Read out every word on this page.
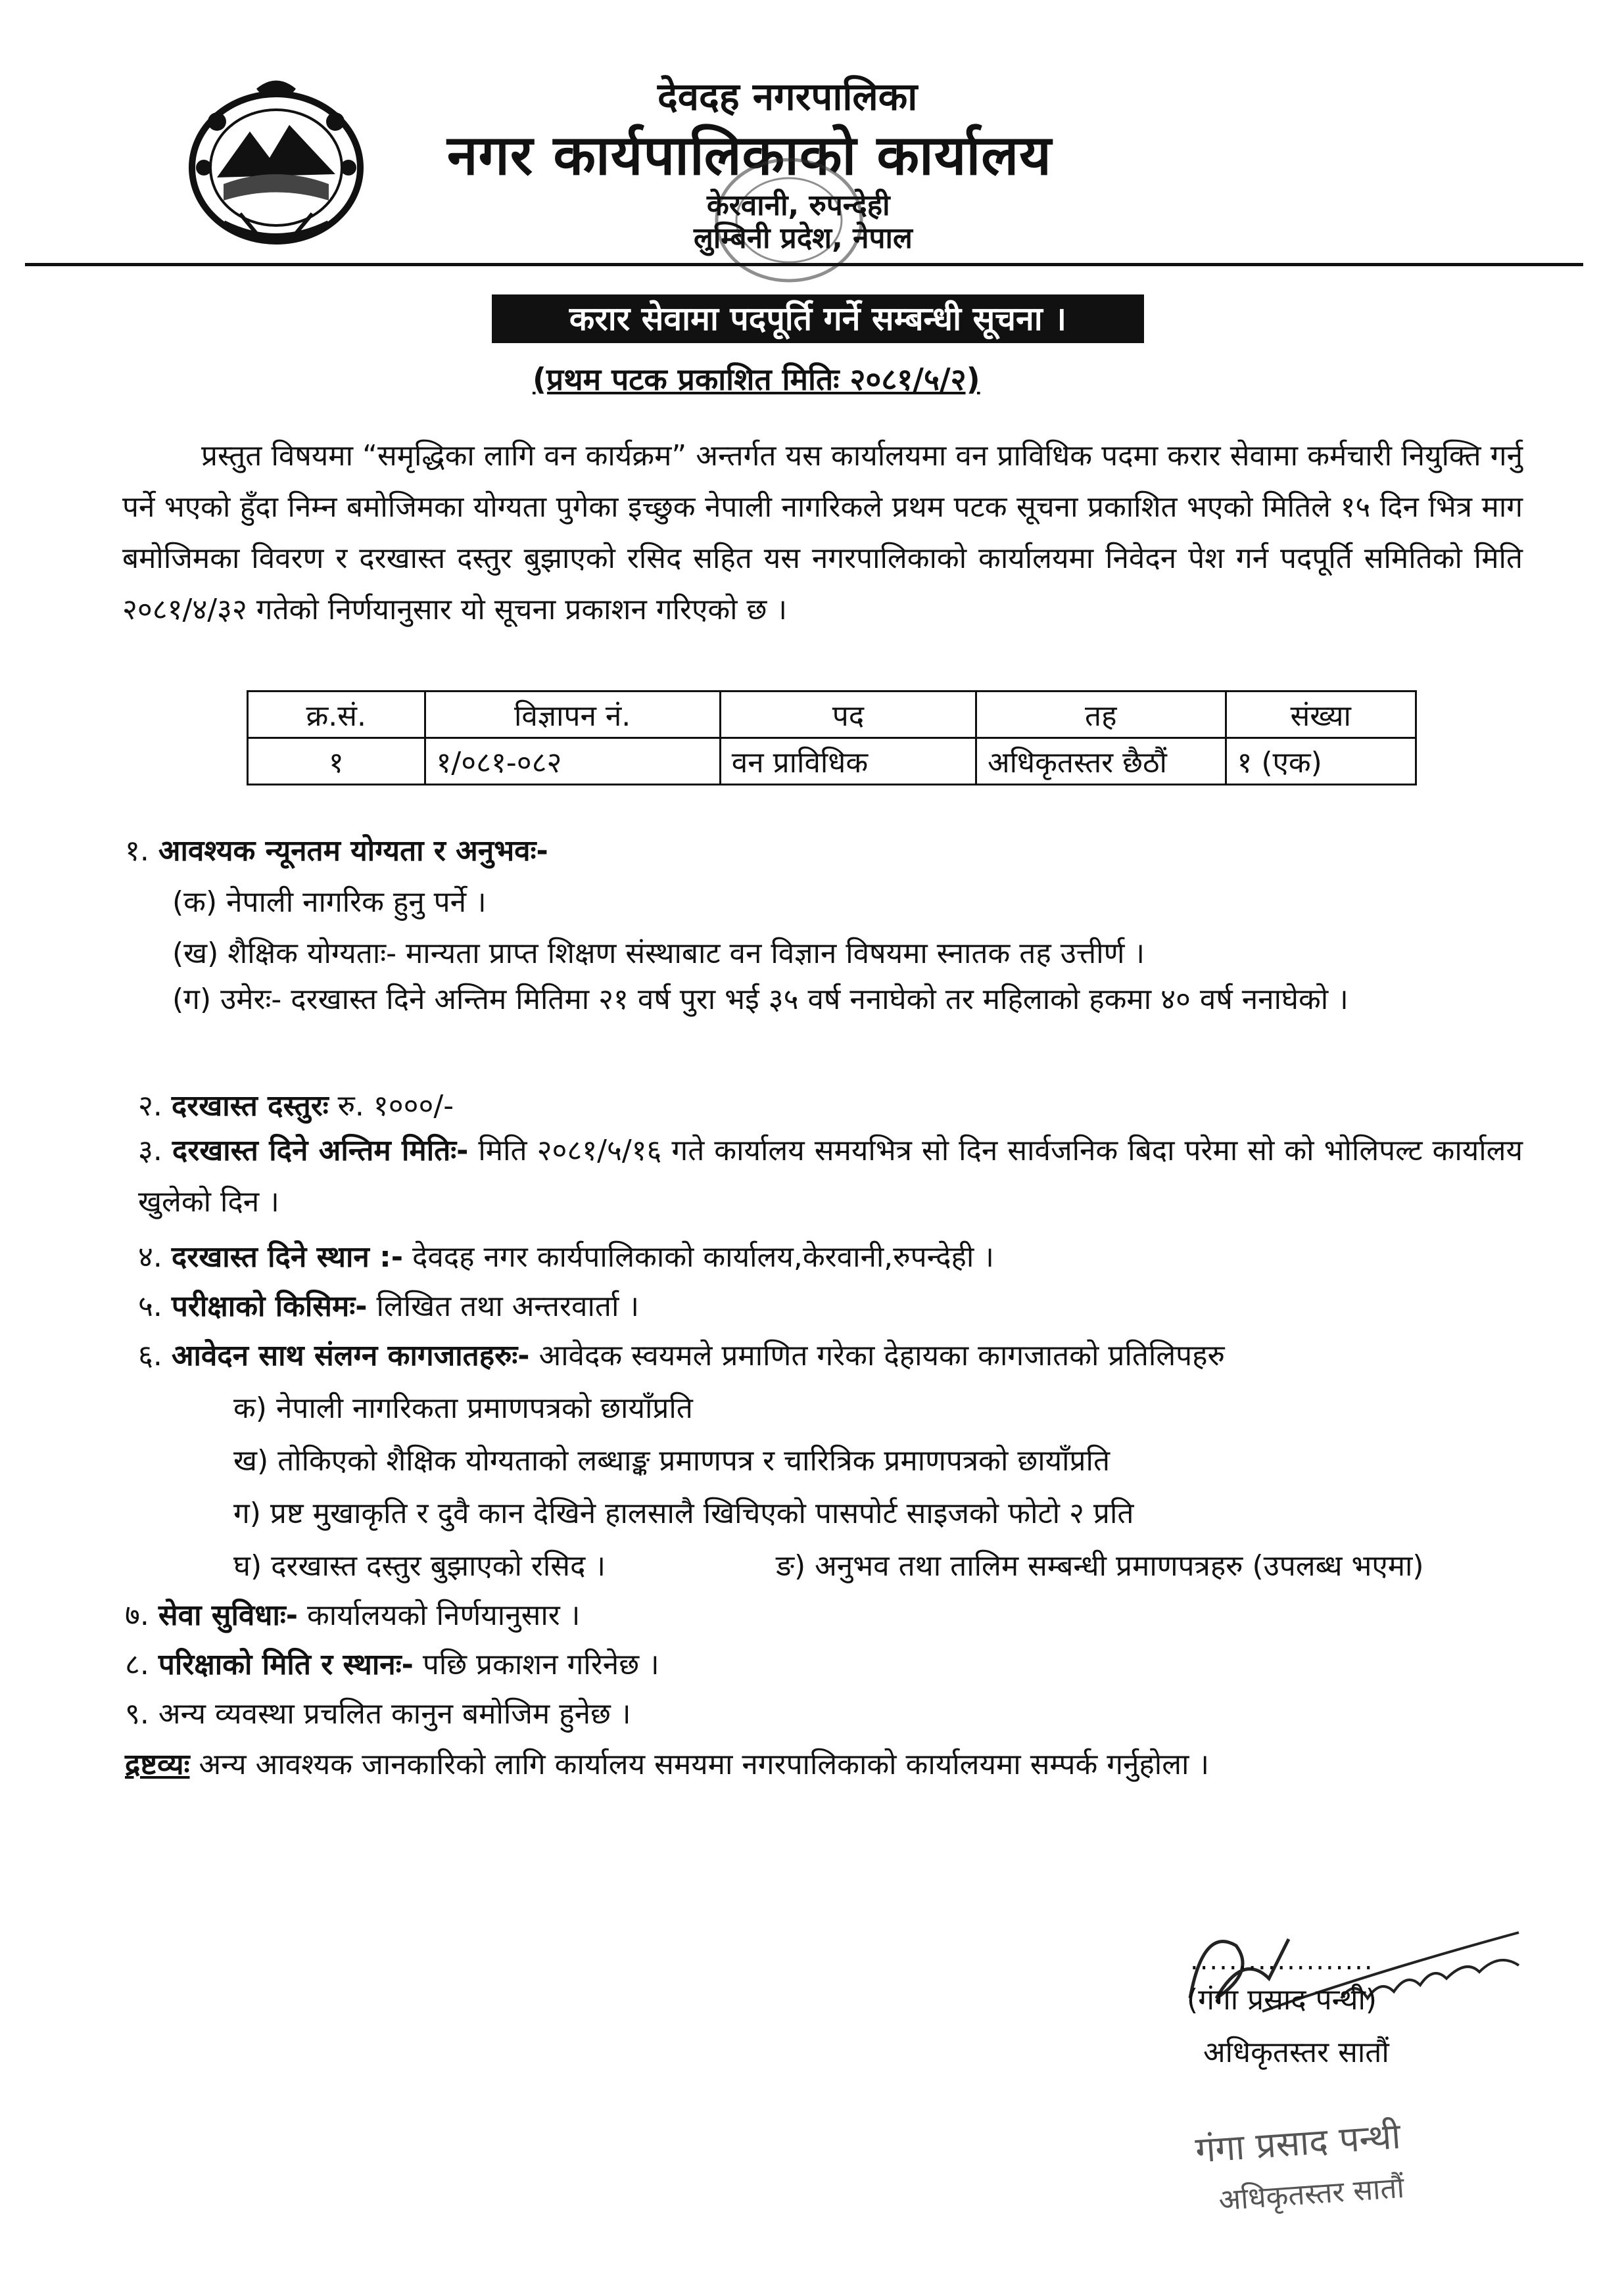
देवदह नगरपालिका
नगर कार्यपालिकाको कार्यालय
केरवानी, रुपन्देही
लुम्बिनी प्रदेश, नेपाल
करार सेवामा पदपूर्ति गर्ने सम्बन्धी सूचना ।
(प्रथम पटक प्रकाशित मितिः २०८१/५/२)
प्रस्तुत विषयमा “समृद्धिका लागि वन कार्यक्रम” अन्तर्गत यस कार्यालयमा वन प्राविधिक पदमा करार सेवामा कर्मचारी नियुक्ति गर्नु पर्ने भएको हुँदा निम्न बमोजिमका योग्यता पुगेका इच्छुक नेपाली नागरिकले प्रथम पटक सूचना प्रकाशित भएको मितिले १५ दिन भित्र माग बमोजिमका विवरण र दरखास्त दस्तुर बुझाएको रसिद सहित यस नगरपालिकाको कार्यालयमा निवेदन पेश गर्न पदपूर्ति समितिको मिति २०८१/४/३२ गतेको निर्णयानुसार यो सूचना प्रकाशन गरिएको छ ।
क्र.सं.	विज्ञापन नं.	पद	तह	संख्या
१	१/०८१-०८२	वन प्राविधिक	अधिकृतस्तर छैठौं	१ (एक)
१. आवश्यक न्यूनतम योग्यता र अनुभवः-
(क) नेपाली नागरिक हुनु पर्ने ।
(ख) शैक्षिक योग्यताः- मान्यता प्राप्त शिक्षण संस्थाबाट वन विज्ञान विषयमा स्नातक तह उत्तीर्ण ।
(ग) उमेरः- दरखास्त दिने अन्तिम मितिमा २१ वर्ष पुरा भई ३५ वर्ष ननाघेको तर महिलाको हकमा ४० वर्ष ननाघेको ।
२. दरखास्त दस्तुरः रु. १०००/-
३. दरखास्त दिने अन्तिम मितिः- मिति २०८१/५/१६ गते कार्यालय समयभित्र सो दिन सार्वजनिक बिदा परेमा सो को भोलिपल्ट कार्यालय खुलेको दिन ।
४. दरखास्त दिने स्थान :- देवदह नगर कार्यपालिकाको कार्यालय,केरवानी,रुपन्देही ।
५. परीक्षाको किसिमः- लिखित तथा अन्तरवार्ता ।
६. आवेदन साथ संलग्न कागजातहरुः- आवेदक स्वयमले प्रमाणित गरेका देहायका कागजातको प्रतिलिपहरु
क) नेपाली नागरिकता प्रमाणपत्रको छायाँप्रति
ख) तोकिएको शैक्षिक योग्यताको लब्धाङ्क प्रमाणपत्र र चारित्रिक प्रमाणपत्रको छायाँप्रति
ग) प्रष्ट मुखाकृति र दुवै कान देखिने हालसालै खिचिएको पासपोर्ट साइजको फोटो २ प्रति
घ) दरखास्त दस्तुर बुझाएको रसिद ।	ङ) अनुभव तथा तालिम सम्बन्धी प्रमाणपत्रहरु (उपलब्ध भएमा)
७. सेवा सुविधाः- कार्यालयको निर्णयानुसार ।
८. परिक्षाको मिति र स्थानः- पछि प्रकाशन गरिनेछ ।
९. अन्य व्यवस्था प्रचलित कानुन बमोजिम हुनेछ ।
द्रष्टव्यः अन्य आवश्यक जानकारिको लागि कार्यालय समयमा नगरपालिकाको कार्यालयमा सम्पर्क गर्नुहोला ।
...................
(गंगा प्रसाद पन्थी)
अधिकृतस्तर सातौं
गंगा प्रसाद पन्थी
अधिकृतस्तर सातौं
